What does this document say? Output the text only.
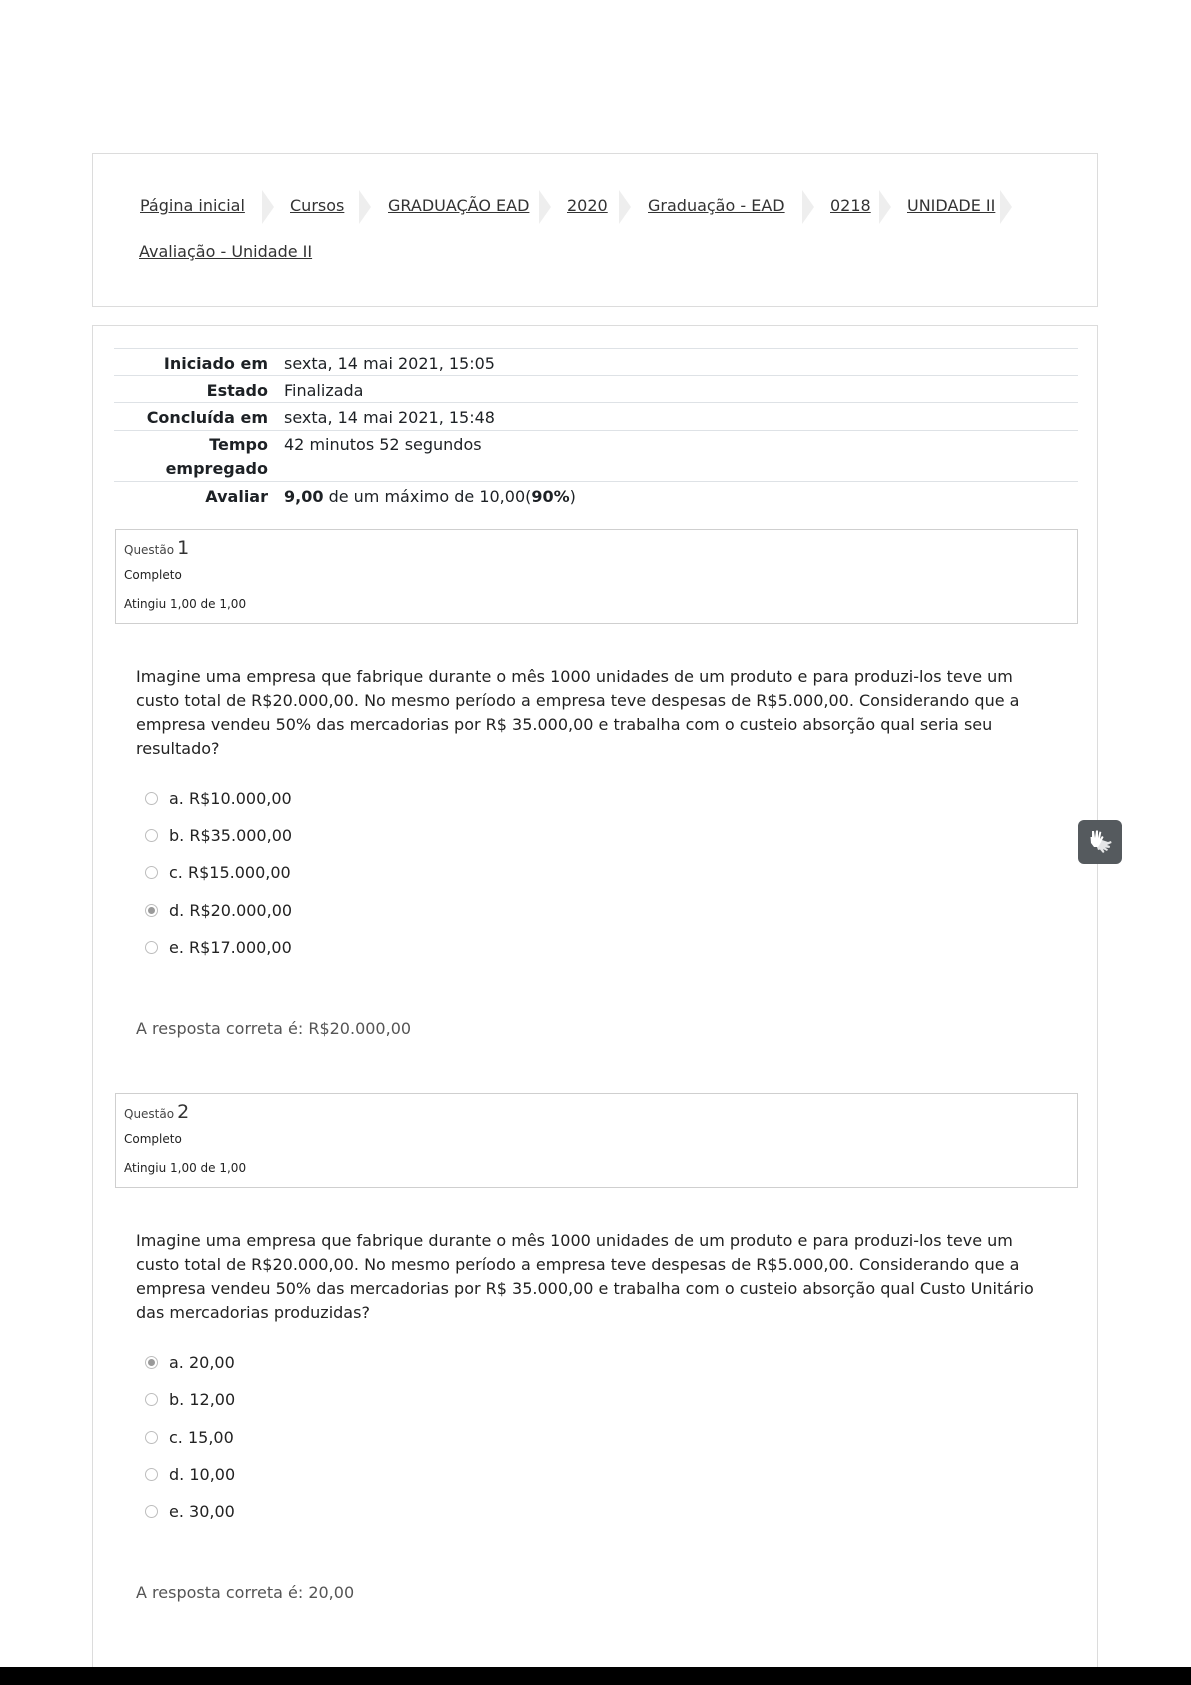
Página inicial	Cursos	GRADUAÇÃO EAD 2020	Graduação - EAD	0218 UNIDADE II
Avaliação - Unidade II
Iniciado em sexta, 14 mai 2021, 15:05
Estado Finalizada
Concluída em sexta, 14 mai 2021, 15:48
Tempo
empregado
42 minutos 52 segundos
Avaliar 9,00 de um máximo de 10,00(90%)
Questão 1
Completo
Atingiu 1,00 de 1,00
Imagine uma empresa que fabrique durante o mês 1000 unidades de um produto e para produzi-los teve um
custo total de R$20.000,00. No mesmo período a empresa teve despesas de R$5.000,00. Considerando que a
empresa vendeu 50% das mercadorias por R$ 35.000,00 e trabalha com o custeio absorção qual seria seu
resultado?
a. R$10.000,00
b. R$35.000,00
c. R$15.000,00
d. R$20.000,00
e. R$17.000,00
A resposta correta é: R$20.000,00
Questão 2
Completo
Atingiu 1,00 de 1,00
Imagine uma empresa que fabrique durante o mês 1000 unidades de um produto e para produzi-los teve um
custo total de R$20.000,00. No mesmo período a empresa teve despesas de R$5.000,00. Considerando que a
empresa vendeu 50% das mercadorias por R$ 35.000,00 e trabalha com o custeio absorção qual Custo Unitário
das mercadorias produzidas?
a. 20,00
b. 12,00
c. 15,00
d. 10,00
e. 30,00
A resposta correta é: 20,00
